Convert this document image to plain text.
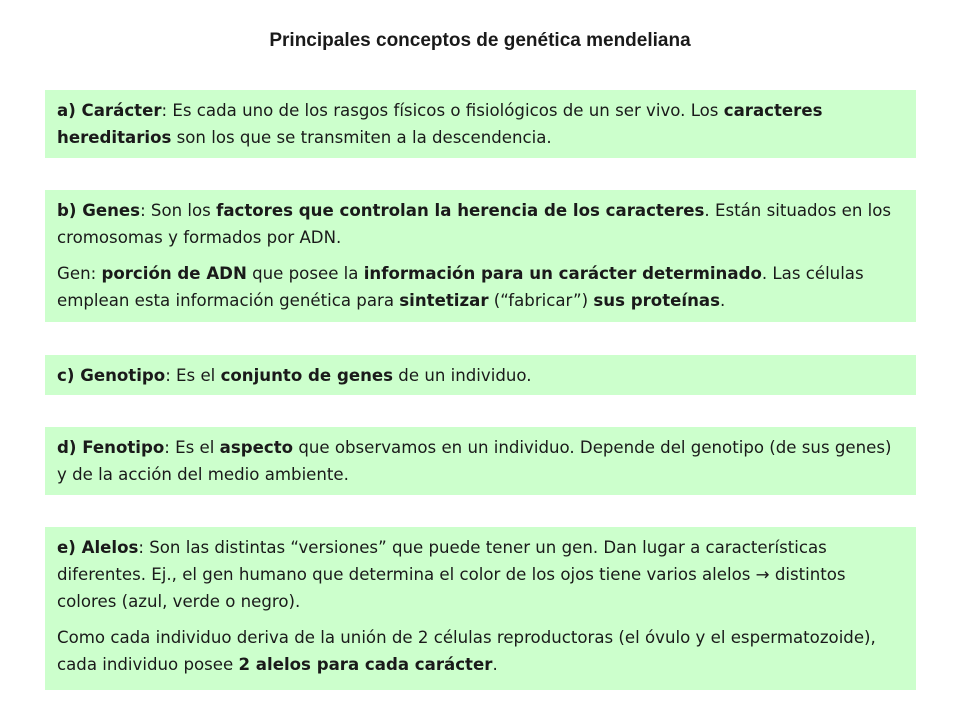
Principales conceptos de genética mendeliana

a) Carácter: Es cada uno de los rasgos físicos o fisiológicos de un ser vivo. Los caracteres hereditarios son los que se transmiten a la descendencia.

b) Genes: Son los factores que controlan la herencia de los caracteres. Están situados en los cromosomas y formados por ADN.

Gen: porción de ADN que posee la información para un carácter determinado. Las células emplean esta información genética para sintetizar (“fabricar”) sus proteínas.

c) Genotipo: Es el conjunto de genes de un individuo.

d) Fenotipo: Es el aspecto que observamos en un individuo. Depende del genotipo (de sus genes) y de la acción del medio ambiente.

e) Alelos: Son las distintas “versiones” que puede tener un gen. Dan lugar a características diferentes. Ej., el gen humano que determina el color de los ojos tiene varios alelos → distintos colores (azul, verde o negro).

Como cada individuo deriva de la unión de 2 células reproductoras (el óvulo y el espermatozoide), cada individuo posee 2 alelos para cada carácter.
